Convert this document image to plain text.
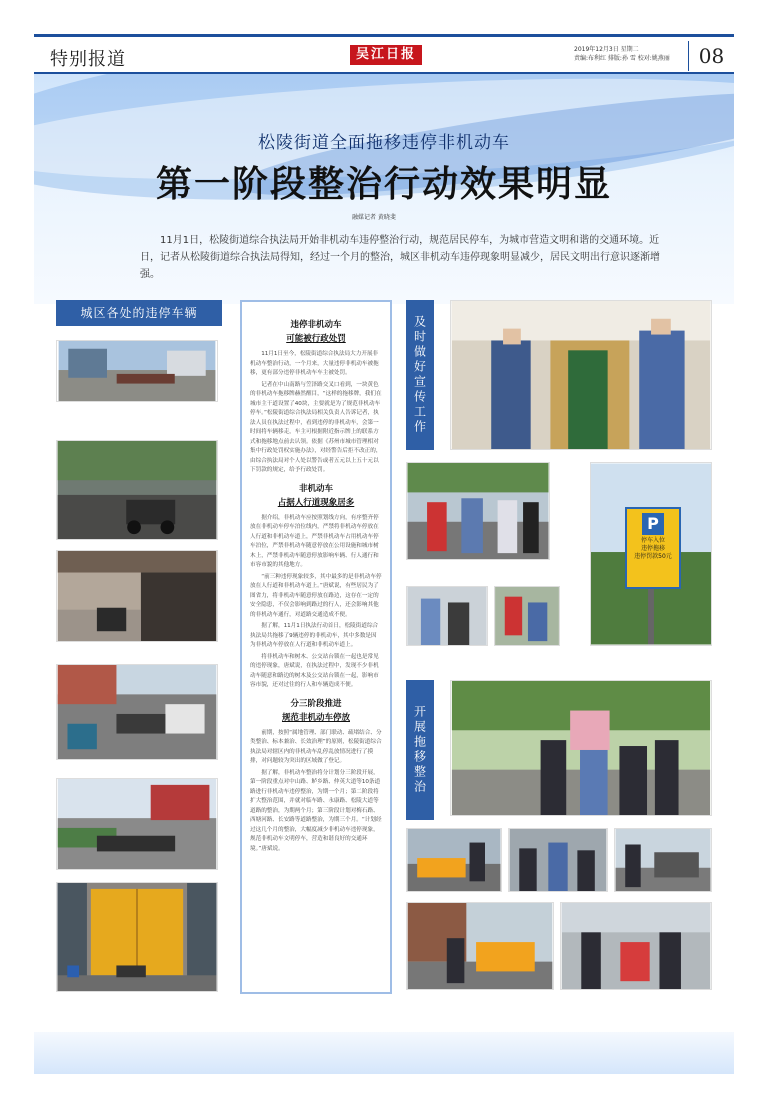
特别报道	吴江日报	2019年12月3日 星期二
责编:布利红 排版:孙 雪 校对:姚燕丽	08
松陵街道全面拖移违停非机动车
第一阶段整治行动效果明显
融媒记者 黄晓斐
11月1日，松陵街道综合执法局开始非机动车违停整治行动，规范居民停车，为城市营造文明和谐的交通环境。近日，记者从松陵街道综合执法局得知，经过一个月的整治，城区非机动车违停现象明显减少，居民文明出行意识逐渐增强。
城区各处的违停车辆
违停非机动车
可能被行政处罚

11月1日至今，松陵街道综合执法局大力开展非机动车整治行动，一个月来，大量违停非机动车被拖移，更有部分违停非机动车车主被处罚。

记者在中山南路与笠泽路交叉口看到，一块黄色的非机动车拖移牌赫然醒目，“这样的拖移牌，我们在城市主干道设置了40块，主要就是为了规范非机动车停车。”松陵街道综合执法局相关负责人告诉记者，执法人员在执法过程中，看到违停的非机动车，会第一时间将车辆移走，车主可根据附近指示牌上的联系方式和拖移地点前去认领。依据《苏州市城市管理相对集中行政处罚权实施办法》，对经警告后拒不改正的，由综合执法局对个人处以警告或者五元以上五十元以下罚款的规定，给予行政处罚。

非机动车
占据人行道现象居多

据介绍，非机动车应按照划线方向，有序整齐停放在非机动车停车泊位线内，严禁将非机动车停放在人行道和非机动车道上，严禁非机动车占用机动车停车泊位，严禁非机动车随意停放在公用设施和城市树木上，严禁非机动车随意停放影响车辆、行人通行和市容市貌的其他地方。

“前三种违停现象较多，其中最多的是非机动车停放在人行道和非机动车道上。”唐斌说，有些居民为了图省力，将非机动车随意停放在路边，这存在一定的安全隐患，不仅会影响到路过的行人，还会影响其他的非机动车通行，对道路交通造成不便。

据了解，11月1日执法行动首日，松陵街道综合执法局共拖移了9辆违停的非机动车，其中多数是因为非机动车停放在人行道和非机动车道上。

将非机动车和树木、公交站台锁在一起也是常见的违停现象，唐斌说，在执法过程中，发现不少非机动车随意和路边的树木及公交站台锁在一起，影响市容市貌，还对过往的行人和车辆造成不便。

分三阶段推进
规范非机动车停放

前期，按照“属地管理、部门联动、疏堵结合、分类整治、标本兼治、长效治理”的原则，松陵街道综合执法局对辖区内的非机动车乱停乱放情况进行了摸排，对问题较为突出的区域做了登记。

据了解，非机动车整治将分计划分三阶段开展，第一阶段重点对中山路、鲈乡路、仲英大道等10条道路进行非机动车违停整治，为期一个月；第二阶段将扩大整治范围，并就对临车路、永康路、松陵大道等道路的整治，为期两个月；第三阶段计划对梅石路、西塘河路、长安路等道路整治，为期三个月。“计划经过这几个月的整治，大幅度减少非机动车违停现象，规范非机动车文明停车，营造和谐良好的交通环境。”唐斌说。

及时做好宣传工作
P
停车入位
违停拖移
违停罚款50元
开展拖移整治
